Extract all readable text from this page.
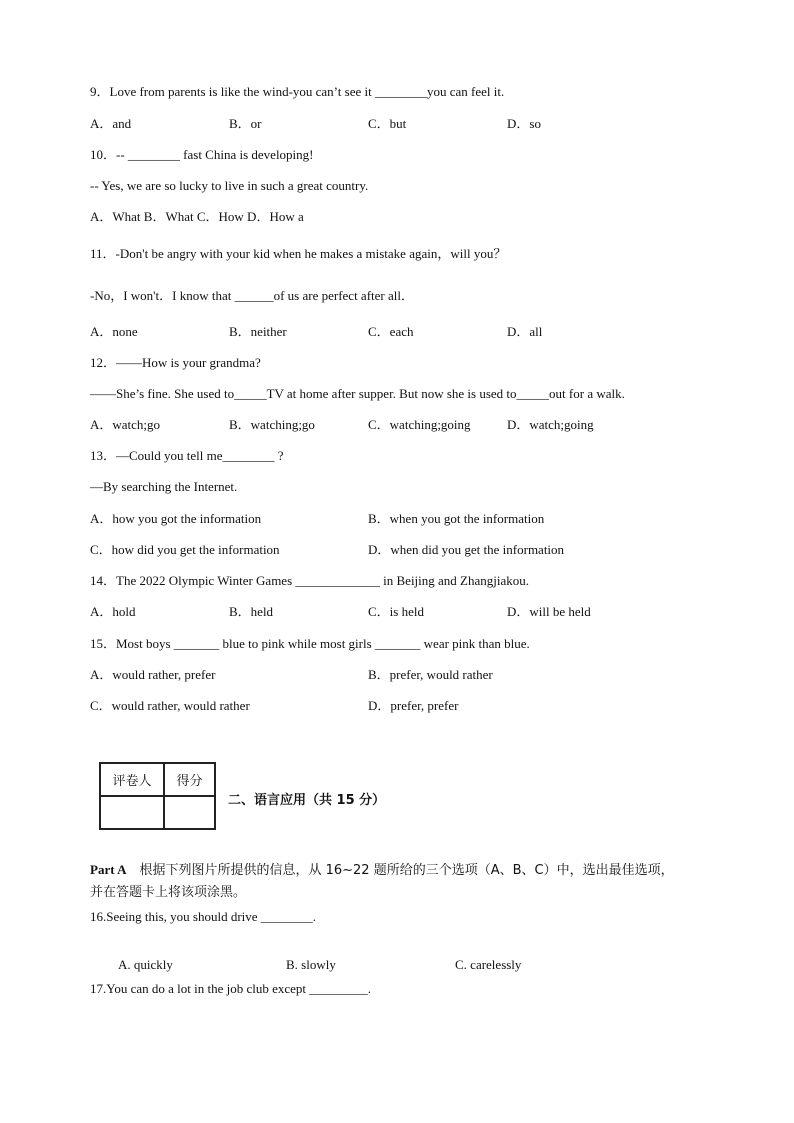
9．Love from parents is like the wind-you can’t see it ________you can feel it.
A．and	B．or	C．but	D．so
10．-- ________ fast China is developing!
-- Yes, we are so lucky to live in such a great country.
A．What B．What C．How D．How a
11．-Don't be angry with your kid when he makes a mistake again，will you？
-No，I won't．I know that ______of us are perfect after all．
A．none	B．neither	C．each	D．all
12．——How is your grandma?
——She’s fine. She used to_____TV at home after supper. But now she is used to_____out for a walk.
A．watch;go	B．watching;go	C．watching;going	D．watch;going
13．—Could you tell me________ ?
—By searching the Internet.
A．how you got the information	B．when you got the information
C．how did you get the information	D．when did you get the information
14．The 2022 Olympic Winter Games _____________ in Beijing and Zhangjiakou.
A．hold	B．held	C．is held	D．will be held
15．Most boys _______ blue to pink while most girls _______ wear pink than blue.
A．would rather, prefer	B．prefer, would rather
C．would rather, would rather	D．prefer, prefer
评卷人	得分

二、语言应用（共 15 分）
Part A 根据下列图片所提供的信息，从 16~22 题所给的三个选项（A、B、C）中，选出最佳选项，
并在答题卡上将该项涂黑。
16.Seeing this, you should drive ________.
A. quickly	B. slowly	C. carelessly
17.You can do a lot in the job club except _________.
